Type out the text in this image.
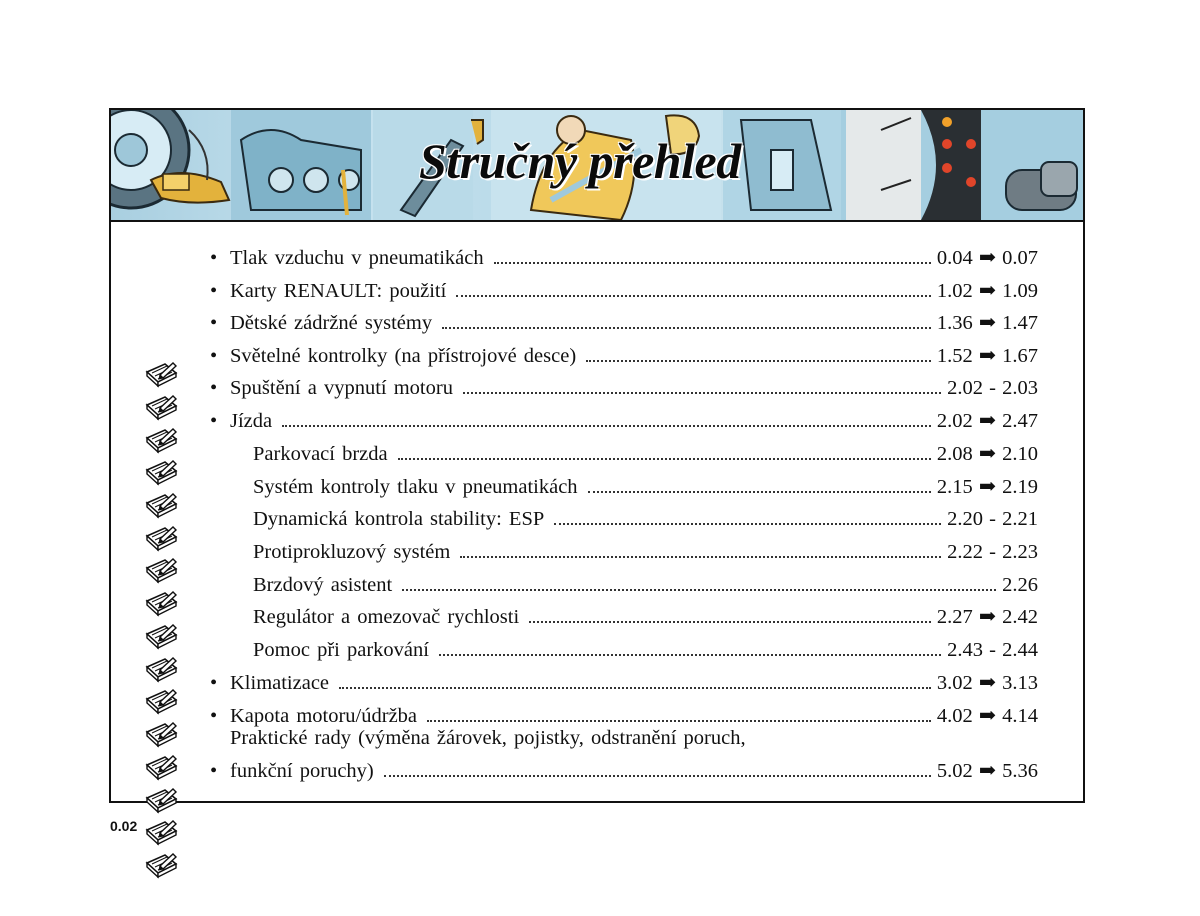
Stručný přehled
• Tlak vzduchu v pneumatikách	0.04 ➡ 0.07
• Karty RENAULT: použití	1.02 ➡ 1.09
• Dětské zádržné systémy	1.36 ➡ 1.47
• Světelné kontrolky (na přístrojové desce)	1.52 ➡ 1.67
• Spuštění a vypnutí motoru	2.02 - 2.03
• Jízda	2.02 ➡ 2.47
Parkovací brzda	2.08 ➡ 2.10
Systém kontroly tlaku v pneumatikách	2.15 ➡ 2.19
Dynamická kontrola stability: ESP	2.20 - 2.21
Protiprokluzový systém	2.22 - 2.23
Brzdový asistent	2.26
Regulátor a omezovač rychlosti	2.27 ➡ 2.42
Pomoc při parkování	2.43 - 2.44
• Klimatizace	3.02 ➡ 3.13
• Kapota motoru/údržba	4.02 ➡ 4.14
•
Praktické rady (výměna žárovek, pojistky, odstranění poruch,
funkční poruchy)	5.02 ➡ 5.36

0.02
